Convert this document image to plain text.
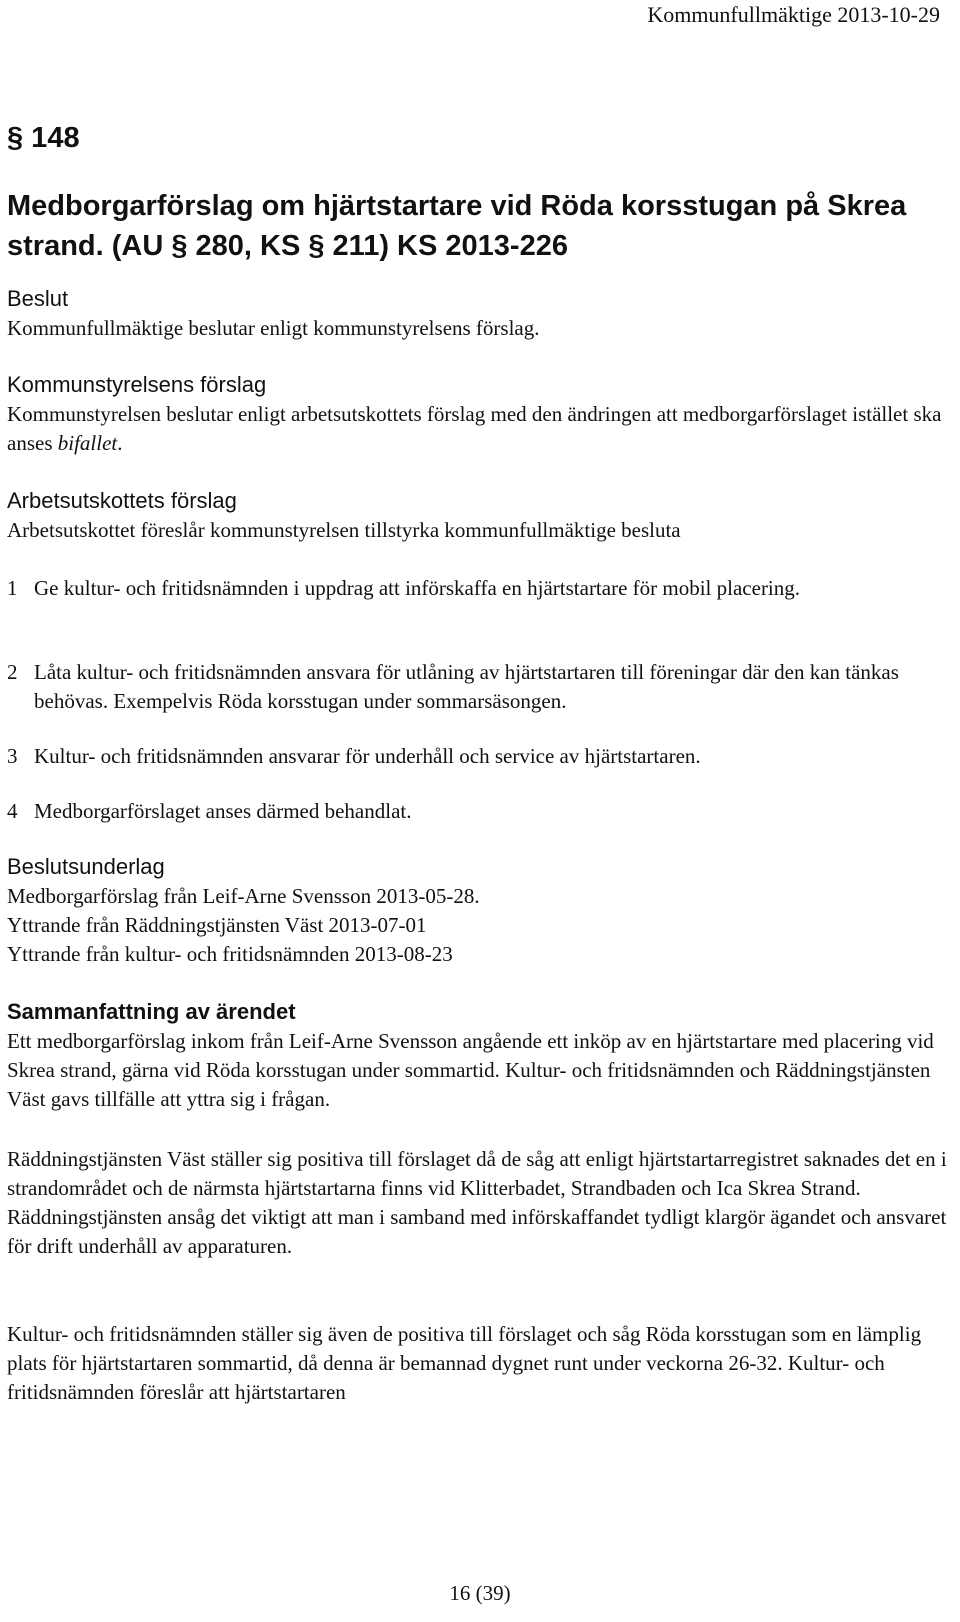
Kommunfullmäktige 2013-10-29
§ 148
Medborgarförslag om hjärtstartare vid Röda korsstugan på Skrea strand. (AU § 280, KS § 211) KS 2013-226
Beslut
Kommunfullmäktige beslutar enligt kommunstyrelsens förslag.
Kommunstyrelsens förslag
Kommunstyrelsen beslutar enligt arbetsutskottets förslag med den ändringen att medborgarförslaget istället ska anses bifallet.
Arbetsutskottets förslag
Arbetsutskottet föreslår kommunstyrelsen tillstyrka kommunfullmäktige besluta
1 Ge kultur- och fritidsnämnden i uppdrag att införskaffa en hjärtstartare för mobil placering.
2 Låta kultur- och fritidsnämnden ansvara för utlåning av hjärtstartaren till föreningar där den kan tänkas behövas. Exempelvis Röda korsstugan under sommarsäsongen.
3 Kultur- och fritidsnämnden ansvarar för underhåll och service av hjärtstartaren.
4 Medborgarförslaget anses därmed behandlat.
Beslutsunderlag
Medborgarförslag från Leif-Arne Svensson 2013-05-28.
Yttrande från Räddningstjänsten Väst 2013-07-01
Yttrande från kultur- och fritidsnämnden 2013-08-23
Sammanfattning av ärendet
Ett medborgarförslag inkom från Leif-Arne Svensson angående ett inköp av en hjärtstartare med placering vid Skrea strand, gärna vid Röda korsstugan under sommartid. Kultur- och fritidsnämnden och Räddningstjänsten Väst gavs tillfälle att yttra sig i frågan.
Räddningstjänsten Väst ställer sig positiva till förslaget då de såg att enligt hjärtstartarregistret saknades det en i strandområdet och de närmsta hjärtstartarna finns vid Klitterbadet, Strandbaden och Ica Skrea Strand. Räddningstjänsten ansåg det viktigt att man i samband med införskaffandet tydligt klargör ägandet och ansvaret för drift underhåll av apparaturen.
Kultur- och fritidsnämnden ställer sig även de positiva till förslaget och såg Röda korsstugan som en lämplig plats för hjärtstartaren sommartid, då denna är bemannad dygnet runt under veckorna 26-32. Kultur- och fritidsnämnden föreslår att hjärtstartaren
16 (39)
